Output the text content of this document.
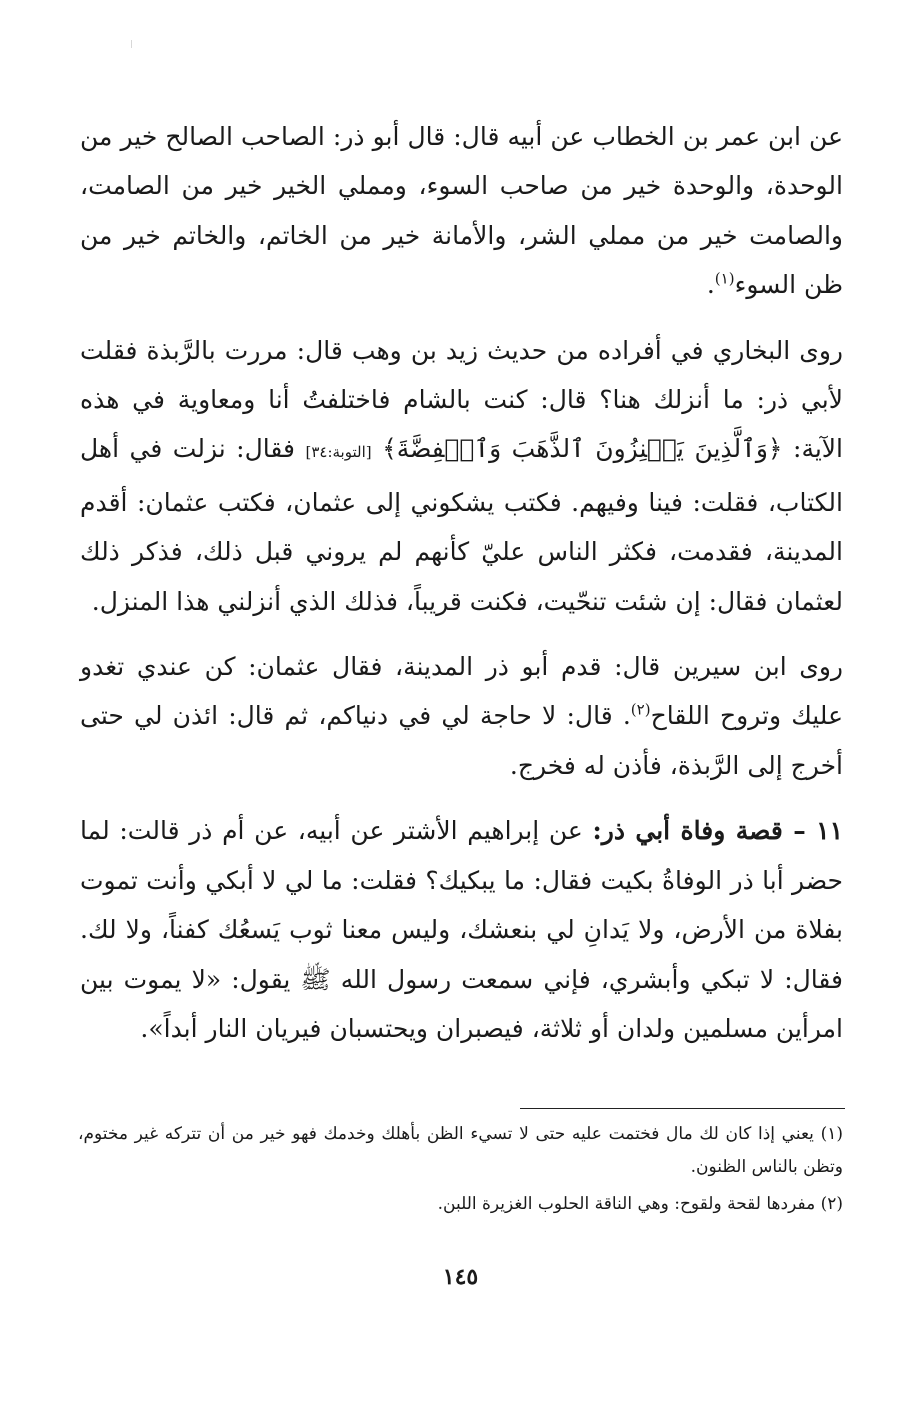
عن ابن عمر بن الخطاب عن أبيه قال: قال أبو ذر: الصاحب الصالح خير من الوحدة، والوحدة خير من صاحب السوء، ومملي الخير خير من الصامت، والصامت خير من مملي الشر، والأمانة خير من الخاتم، والخاتم خير من ظن السوء$^{(١)}$.

روى البخاري في أفراده من حديث زيد بن وهب قال: مررت بالرَّبذة فقلت لأبي ذر: ما أنزلك هنا؟ قال: كنت بالشام فاختلفتُ أنا ومعاوية في هذه الآية: ﴿وَٱلَّذِينَ يَكۡنِزُونَ ٱلذَّهَبَ وَٱلۡفِضَّةَ﴾ [التوبة:٣٤] فقال: نزلت في أهل الكتاب، فقلت: فينا وفيهم. فكتب يشكوني إلى عثمان، فكتب عثمان: أقدم المدينة، فقدمت، فكثر الناس عليّ كأنهم لم يروني قبل ذلك، فذكر ذلك لعثمان فقال: إن شئت تنحّيت، فكنت قريباً، فذلك الذي أنزلني هذا المنزل.

روى ابن سيرين قال: قدم أبو ذر المدينة، فقال عثمان: كن عندي تغدو عليك وتروح اللقاح$^{(٢)}$. قال: لا حاجة لي في دنياكم، ثم قال: ائذن لي حتى أخرج إلى الرَّبذة، فأذن له فخرج.

١١ – قصة وفاة أبي ذر: عن إبراهيم الأشتر عن أبيه، عن أم ذر قالت: لما حضر أبا ذر الوفاةُ بكيت فقال: ما يبكيك؟ فقلت: ما لي لا أبكي وأنت تموت بفلاة من الأرض، ولا يَدانِ لي بنعشك، وليس معنا ثوب يَسعُك كفناً، ولا لك. فقال: لا تبكي وأبشري، فإني سمعت رسول الله ﷺ يقول: «لا يموت بين امرأين مسلمين ولدان أو ثلاثة، فيصبران ويحتسبان فيريان النار أبداً».

(١) يعني إذا كان لك مال فختمت عليه حتى لا تسيء الظن بأهلك وخدمك فهو خير من أن تتركه غير مختوم، وتظن بالناس الظنون.

(٢) مفردها لقحة ولقوح: وهي الناقة الحلوب الغزيرة اللبن.

١٤٥
